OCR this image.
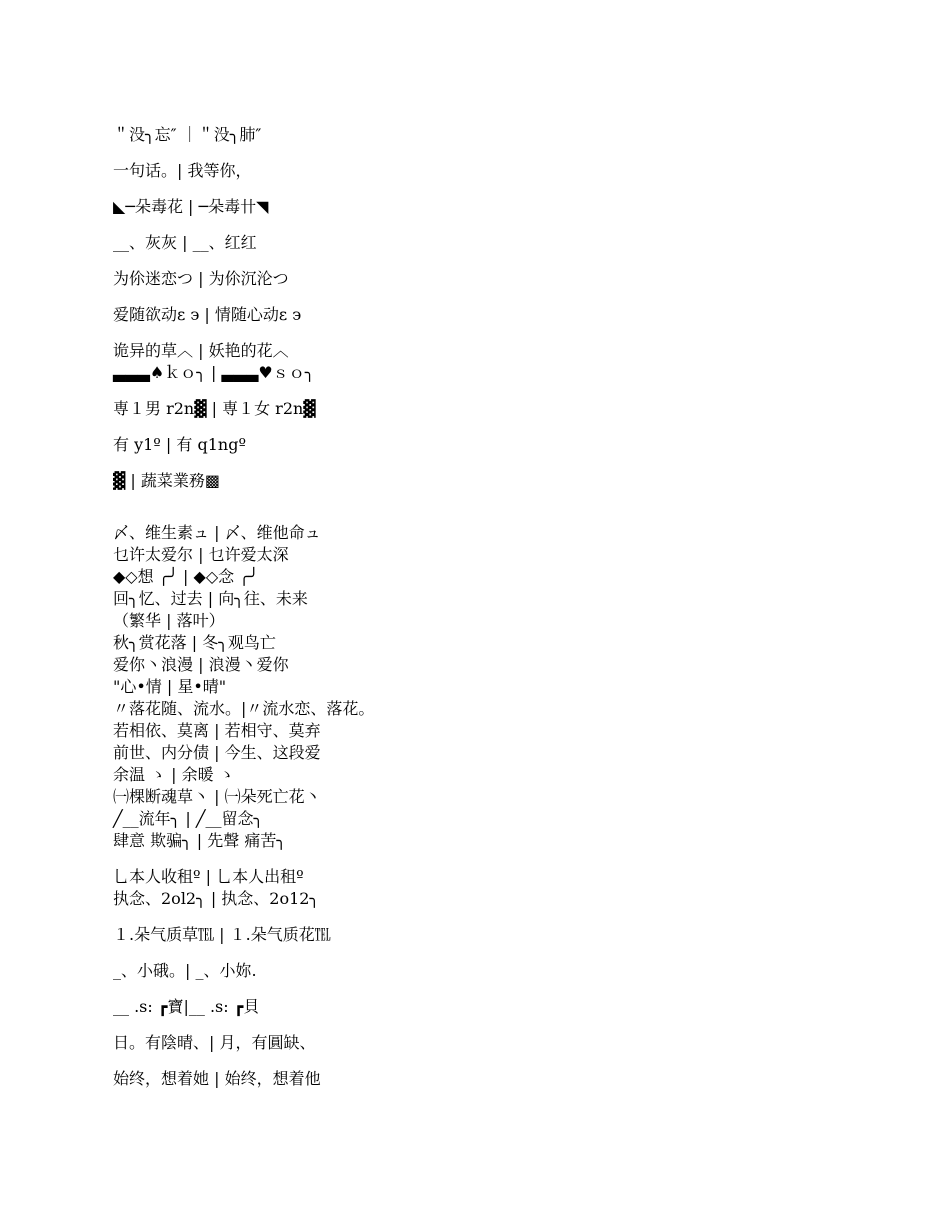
＂没╮忘″ ｜＂没╮肺″
一句话。| 我等你，
◣─朵毒花 | ─朵毒卄◥
__、灰灰 | __、红红
为伱迷恋つ | 为伱沉沦つ
爱随欲动ε э | 情随心动ε э
诡异的草︿ | 妖艳的花︿
▃▃▃♠ｋｏ╮ | ▃▃▃♥ｓｏ╮
専１男 r2n▓ | 専１女 r2n▓
有 y1º | 有 q1ngº
▓ | 蔬菜業務▩
〆、维生素ュ | 〆、维他命ュ
乜许太爱尔 | 乜许爱太深
◆◇想 ╭╯ | ◆◇念 ╭╯
回╮忆、过去 | 向╮往、未来
（繁华 | 落叶）
秋╮赏花落 | 冬╮观鸟亡
爱你丶浪漫 | 浪漫丶爱你
"心•情 | 星•晴"
〃落花随、流水。|〃流水恋、落花。
若相依、莫离 | 若相守、莫弃
前世、内分债 | 今生、这段爱
余温 ゝ | 余暖 ゝ
㈠棵断魂草丶 | ㈠朵死亡花丶
╱__流年╮ | ╱__留念╮
肆意 欺骗╮ | 先聲 痛苦╮
乚本人收租º | 乚本人出租º
执念、2ol2╮ | 执念、2o12╮
１.朵气质草℡ | １.朵气质花℡
_、小硪。| _、小妳.
__ .s: ┏寶|__ .s: ┏貝
日。有陰晴、| 月，有圓缺、
始终，想着她 | 始终，想着他
